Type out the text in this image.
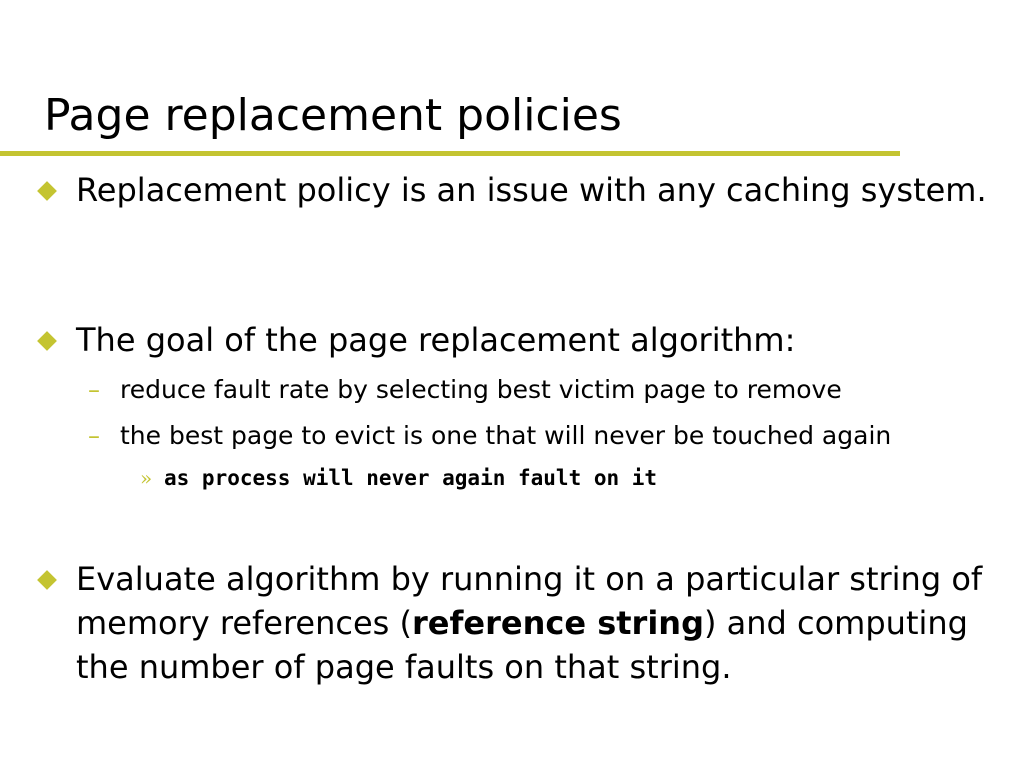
Page replacement policies
Replacement policy is an issue with any caching system.
The goal of the page replacement algorithm:
– reduce fault rate by selecting best victim page to remove
– the best page to evict is one that will never be touched again
» as process will never again fault on it
Evaluate algorithm by running it on a particular string of memory references (reference string) and computing the number of page faults on that string.
